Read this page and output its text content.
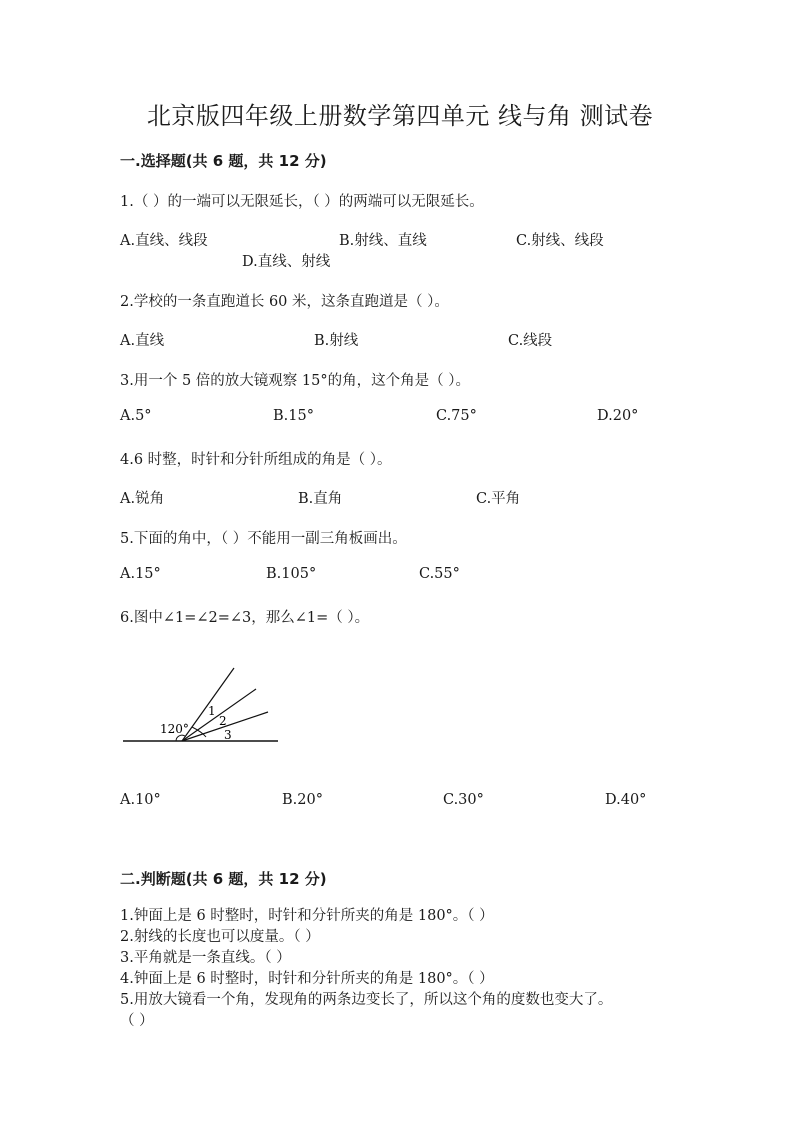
北京版四年级上册数学第四单元 线与角 测试卷
一.选择题(共 6 题，共 12 分)
1.（ ）的一端可以无限延长，（ ）的两端可以无限延长。
A.直线、线段	B.射线、直线	C.射线、线段
D.直线、射线
2.学校的一条直跑道长 60 米，这条直跑道是（ ）。
A.直线	B.射线	C.线段
3.用一个 5 倍的放大镜观察 15°的角，这个角是（ ）。
A.5°	B.15°	C.75°	D.20°
4.6 时整，时针和分针所组成的角是（ ）。
A.锐角	B.直角	C.平角
5.下面的角中，（ ）不能用一副三角板画出。
A.15°	B.105°	C.55°
6.图中∠1=∠2=∠3，那么∠1=（ ）。
120°
1
2
3
A.10°	B.20°	C.30°	D.40°
二.判断题(共 6 题，共 12 分)
1.钟面上是 6 时整时，时针和分针所夹的角是 180°。（ ）
2.射线的长度也可以度量。（ ）
3.平角就是一条直线。（ ）
4.钟面上是 6 时整时，时针和分针所夹的角是 180°。（ ）
5.用放大镜看一个角，发现角的两条边变长了，所以这个角的度数也变大了。
（ ）
